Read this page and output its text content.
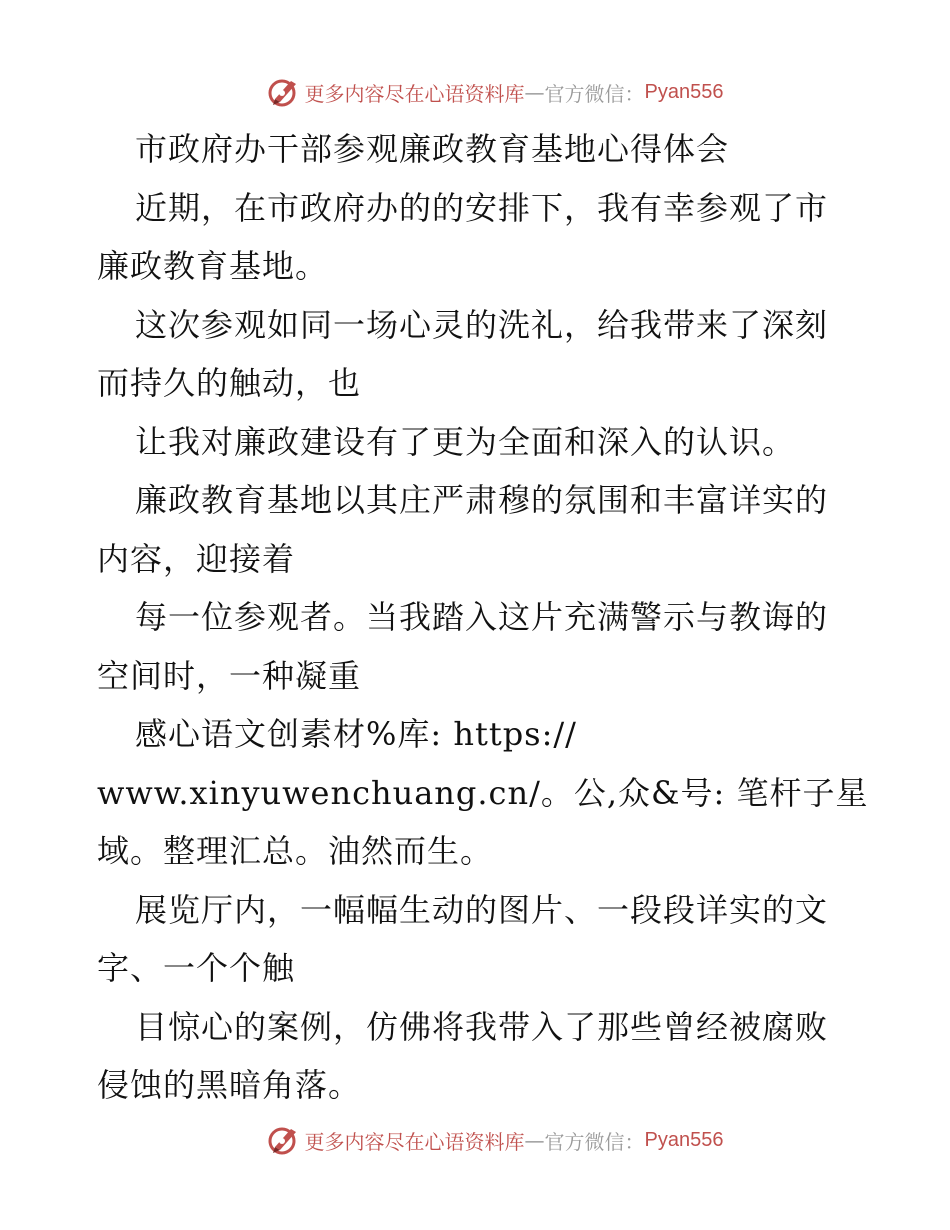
更多内容尽在心语资料库 — 官方微信： Pyan556
市政府办干部参观廉政教育基地心得体会
近期，在市政府办的的安排下，我有幸参观了市
廉政教育基地。
这次参观如同一场心灵的洗礼，给我带来了深刻
而持久的触动，也
让我对廉政建设有了更为全面和深入的认识。
廉政教育基地以其庄严肃穆的氛围和丰富详实的
内容，迎接着
每一位参观者。当我踏入这片充满警示与教诲的
空间时，一种凝重
感心语文创素材%库: https://
www.xinyuwenchuang.cn/。公,众&号: 笔杆子星
域。整理汇总。油然而生。
展览厅内，一幅幅生动的图片、一段段详实的文
字、一个个触
目惊心的案例，仿佛将我带入了那些曾经被腐败
侵蚀的黑暗角落。
更多内容尽在心语资料库 — 官方微信： Pyan556
